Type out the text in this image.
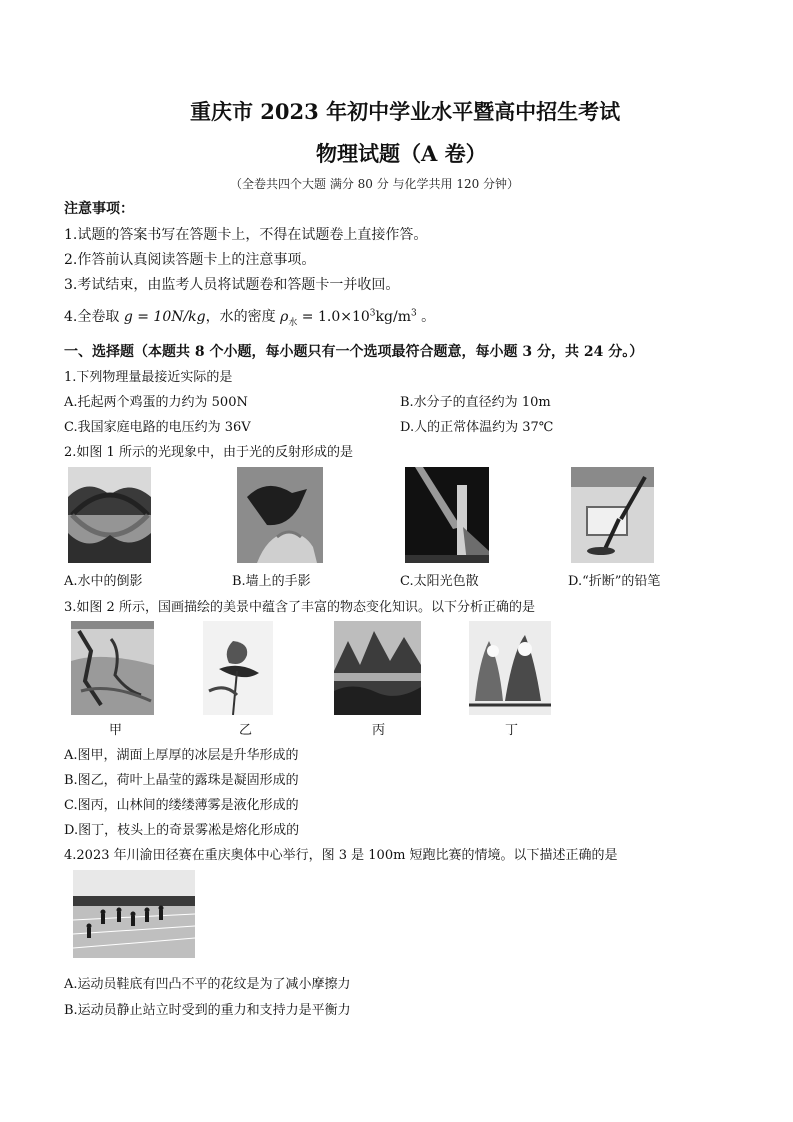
重庆市 2023 年初中学业水平暨高中招生考试
物理试题（A 卷）
（全卷共四个大题 满分 80 分 与化学共用 120 分钟）
注意事项：
1.试题的答案书写在答题卡上，不得在试题卷上直接作答。
2.作答前认真阅读答题卡上的注意事项。
3.考试结束，由监考人员将试题卷和答题卡一并收回。
4.全卷取 g = 10N/kg，水的密度 $\rho_水 = 1.0\times 10^3kg/m^3$ 。
一、选择题（本题共 8 个小题，每小题只有一个选项最符合题意，每小题 3 分，共 24 分。）
1.下列物理量最接近实际的是
A.托起两个鸡蛋的力约为 500N	B.水分子的直径约为 10m
C.我国家庭电路的电压约为 36V	D.人的正常体温约为 37℃
2.如图 1 所示的光现象中，由于光的反射形成的是
A.水中的倒影	B.墙上的手影	C.太阳光色散	D.“折断”的铅笔
3.如图 2 所示，国画描绘的美景中蕴含了丰富的物态变化知识。以下分析正确的是
甲	乙	丙	丁
A.图甲，湖面上厚厚的冰层是升华形成的
B.图乙，荷叶上晶莹的露珠是凝固形成的
C.图丙，山林间的缕缕薄雾是液化形成的
D.图丁，枝头上的奇景雾凇是熔化形成的
4.2023 年川渝田径赛在重庆奥体中心举行，图 3 是 100m 短跑比赛的情境。以下描述正确的是
A.运动员鞋底有凹凸不平的花纹是为了减小摩擦力
B.运动员静止站立时受到的重力和支持力是平衡力
